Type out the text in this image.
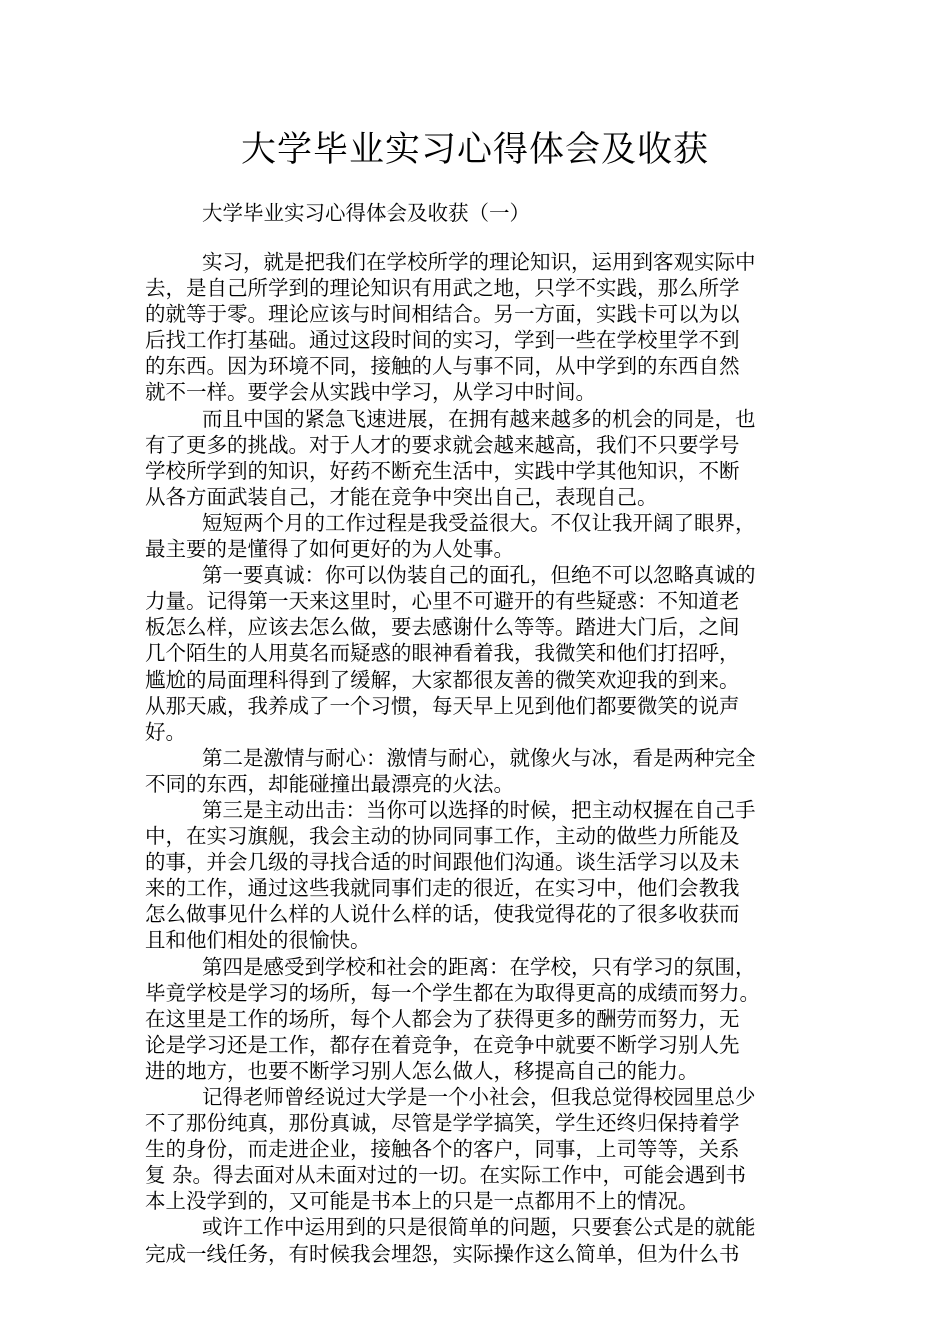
大学毕业实习心得体会及收获
大学毕业实习心得体会及收获（一）
实习，就是把我们在学校所学的理论知识，运用到客观实际中
去，是自己所学到的理论知识有用武之地，只学不实践，那么所学
的就等于零。理论应该与时间相结合。另一方面，实践卡可以为以
后找工作打基础。通过这段时间的实习，学到一些在学校里学不到
的东西。因为环境不同，接触的人与事不同，从中学到的东西自然
就不一样。要学会从实践中学习，从学习中时间。
而且中国的紧急飞速进展，在拥有越来越多的机会的同是，也
有了更多的挑战。对于人才的要求就会越来越高，我们不只要学号
学校所学到的知识，好药不断充生活中，实践中学其他知识，不断
从各方面武装自己，才能在竞争中突出自己，表现自己。
短短两个月的工作过程是我受益很大。不仅让我开阔了眼界，
最主要的是懂得了如何更好的为人处事。
第一要真诚：你可以伪装自己的面孔，但绝不可以忽略真诚的
力量。记得第一天来这里时，心里不可避开的有些疑惑：不知道老
板怎么样，应该去怎么做，要去感谢什么等等。踏进大门后，之间
几个陌生的人用莫名而疑惑的眼神看着我，我微笑和他们打招呼，
尴尬的局面理科得到了缓解，大家都很友善的微笑欢迎我的到来。
从那天戚，我养成了一个习惯，每天早上见到他们都要微笑的说声
好。
第二是激情与耐心：激情与耐心，就像火与冰，看是两种完全
不同的东西，却能碰撞出最漂亮的火法。
第三是主动出击：当你可以选择的时候，把主动权握在自己手
中，在实习旗舰，我会主动的协同同事工作，主动的做些力所能及
的事，并会几级的寻找合适的时间跟他们沟通。谈生活学习以及未
来的工作，通过这些我就同事们走的很近，在实习中，他们会教我
怎么做事见什么样的人说什么样的话，使我觉得花的了很多收获而
且和他们相处的很愉快。
第四是感受到学校和社会的距离：在学校，只有学习的氛围，
毕竟学校是学习的场所，每一个学生都在为取得更高的成绩而努力。
在这里是工作的场所，每个人都会为了获得更多的酬劳而努力，无
论是学习还是工作，都存在着竞争，在竞争中就要不断学习别人先
进的地方，也要不断学习别人怎么做人，移提高自己的能力。
记得老师曾经说过大学是一个小社会，但我总觉得校园里总少
不了那份纯真，那份真诚，尽管是学学搞笑，学生还终归保持着学
生的身份，而走进企业，接触各个的客户，同事，上司等等，关系
复 杂。得去面对从未面对过的一切。在实际工作中，可能会遇到书
本上没学到的，又可能是书本上的只是一点都用不上的情况。
或许工作中运用到的只是很简单的问题，只要套公式是的就能
完成一线任务，有时候我会埋怨，实际操作这么简单，但为什么书
